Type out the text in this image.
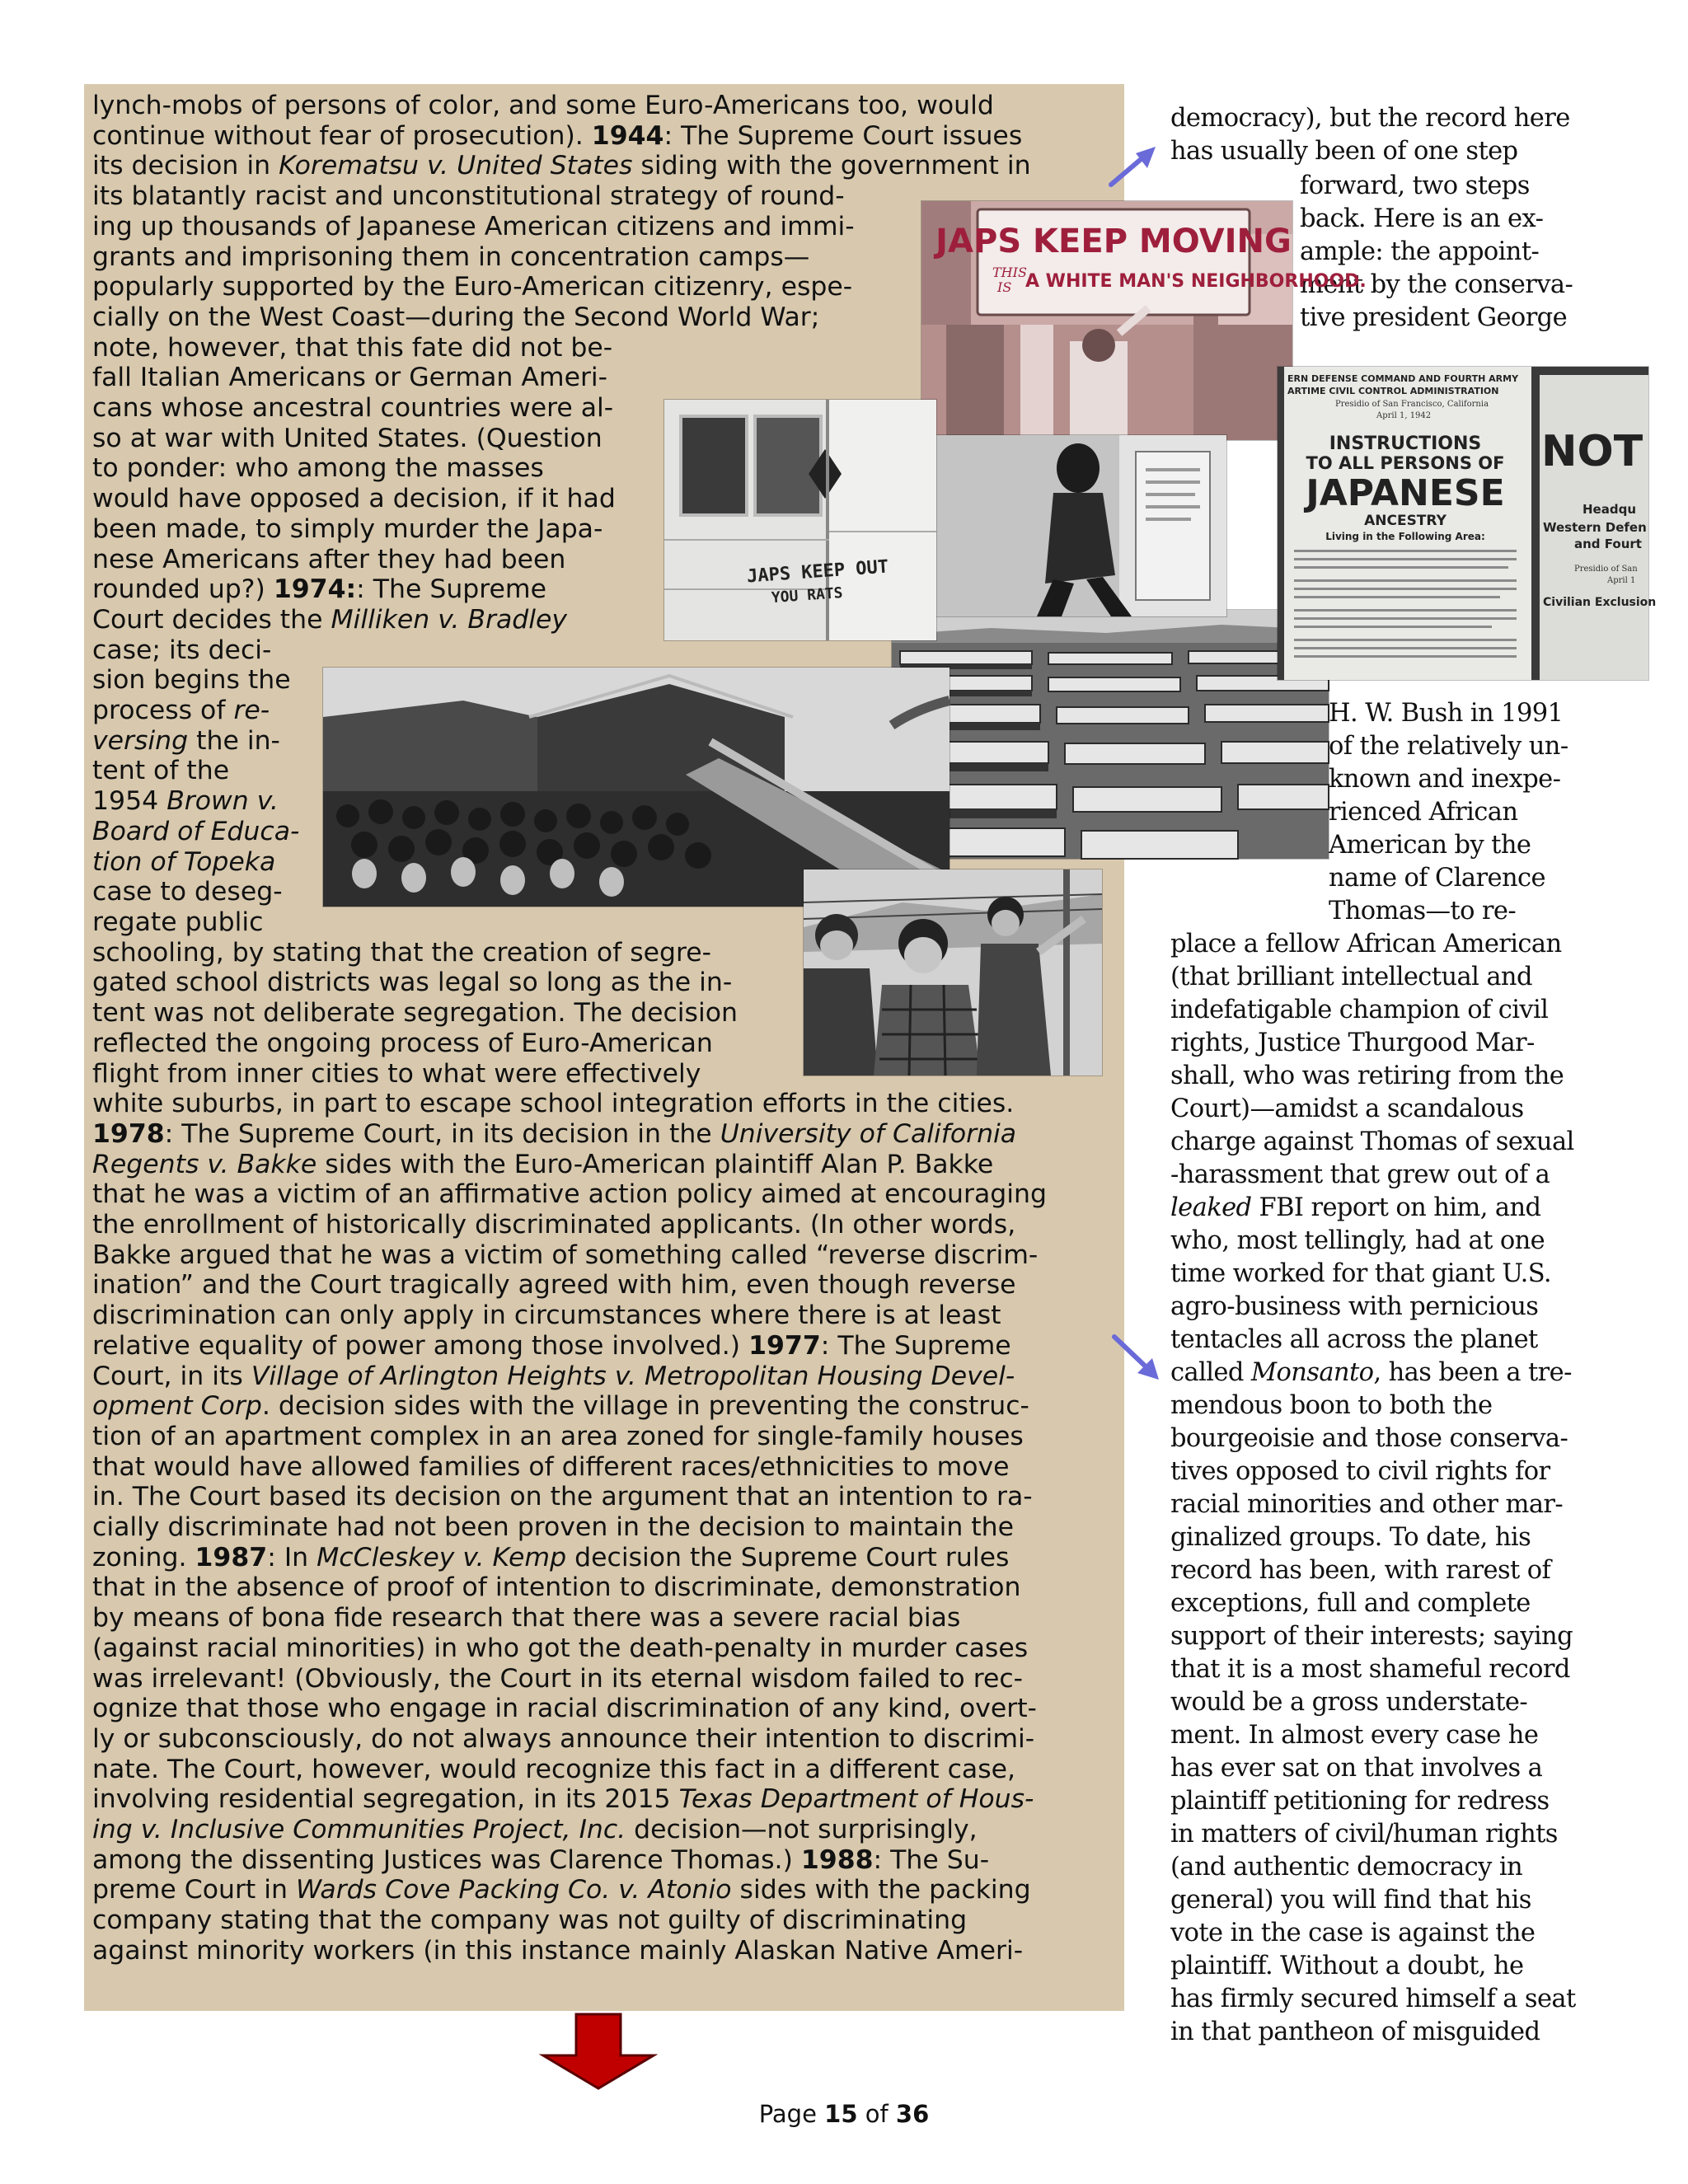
lynch-mobs of persons of color, and some Euro-Americans too, would
continue without fear of prosecution). 1944: The Supreme Court issues
its decision in Korematsu v. United States siding with the government in
its blatantly racist and unconstitutional strategy of round-
ing up thousands of Japanese American citizens and immi-
grants and imprisoning them in concentration camps—
popularly supported by the Euro-American citizenry, espe-
cially on the West Coast—during the Second World War;
note, however, that this fate did not be-
fall Italian Americans or German Ameri-
cans whose ancestral countries were al-
so at war with United States. (Question
to ponder: who among the masses
would have opposed a decision, if it had
been made, to simply murder the Japa-
nese Americans after they had been
rounded up?) 1974:: The Supreme
Court decides the Milliken v. Bradley
case; its deci-
sion begins the
process of re-
versing the in-
tent of the
1954 Brown v.
Board of Educa-
tion of Topeka
case to deseg-
regate public
schooling, by stating that the creation of segre-
gated school districts was legal so long as the in-
tent was not deliberate segregation. The decision
reflected the ongoing process of Euro-American
flight from inner cities to what were effectively
white suburbs, in part to escape school integration efforts in the cities.
1978: The Supreme Court, in its decision in the University of California
Regents v. Bakke sides with the Euro-American plaintiff Alan P. Bakke
that he was a victim of an affirmative action policy aimed at encouraging
the enrollment of historically discriminated applicants. (In other words,
Bakke argued that he was a victim of something called “reverse discrim-
ination” and the Court tragically agreed with him, even though reverse
discrimination can only apply in circumstances where there is at least
relative equality of power among those involved.) 1977: The Supreme
Court, in its Village of Arlington Heights v. Metropolitan Housing Devel-
opment Corp. decision sides with the village in preventing the construc-
tion of an apartment complex in an area zoned for single-family houses
that would have allowed families of different races/ethnicities to move
in. The Court based its decision on the argument that an intention to ra-
cially discriminate had not been proven in the decision to maintain the
zoning. 1987: In McCleskey v. Kemp decision the Supreme Court rules
that in the absence of proof of intention to discriminate, demonstration
by means of bona fide research that there was a severe racial bias
(against racial minorities) in who got the death-penalty in murder cases
was irrelevant! (Obviously, the Court in its eternal wisdom failed to rec-
ognize that those who engage in racial discrimination of any kind, overt-
ly or subconsciously, do not always announce their intention to discrimi-
nate. The Court, however, would recognize this fact in a different case,
involving residential segregation, in its 2015 Texas Department of Hous-
ing v. Inclusive Communities Project, Inc. decision—not surprisingly,
among the dissenting Justices was Clarence Thomas.) 1988: The Su-
preme Court in Wards Cove Packing Co. v. Atonio sides with the packing
company stating that the company was not guilty of discriminating
against minority workers (in this instance mainly Alaskan Native Ameri-
democracy), but the record here
has usually been of one step
forward, two steps
back. Here is an ex-
ample: the appoint-
ment by the conserva-
tive president George
H. W. Bush in 1991
of the relatively un-
known and inexpe-
rienced African
American by the
name of Clarence
Thomas—to re-
place a fellow African American
(that brilliant intellectual and
indefatigable champion of civil
rights, Justice Thurgood Mar-
shall, who was retiring from the
Court)—amidst a scandalous
charge against Thomas of sexual
-harassment that grew out of a
leaked FBI report on him, and
who, most tellingly, had at one
time worked for that giant U.S.
agro-business with pernicious
tentacles all across the planet
called Monsanto, has been a tre-
mendous boon to both the
bourgeoisie and those conserva-
tives opposed to civil rights for
racial minorities and other mar-
ginalized groups. To date, his
record has been, with rarest of
exceptions, full and complete
support of their interests; saying
that it is a most shameful record
would be a gross understate-
ment. In almost every case he
has ever sat on that involves a
plaintiff petitioning for redress
in matters of civil/human rights
(and authentic democracy in
general) you will find that his
vote in the case is against the
plaintiff. Without a doubt, he
has firmly secured himself a seat
in that pantheon of misguided
JAPS KEEP MOVING
THIS
IS A WHITE MAN'S NEIGHBORHOOD.
ERN DEFENSE COMMAND AND FOURTH ARMY
ARTIME CIVIL CONTROL ADMINISTRATION
Presidio of San Francisco, California
April 1, 1942
INSTRUCTIONS
TO ALL PERSONS OF
JAPANESE
ANCESTRY
Living in the Following Area:
NOT
Headqu
Western Defen
and Fourt
Presidio of San
April 1
Civilian Exclusion
JAPS KEEP OUT
YOU RATS
Page 15 of 36
